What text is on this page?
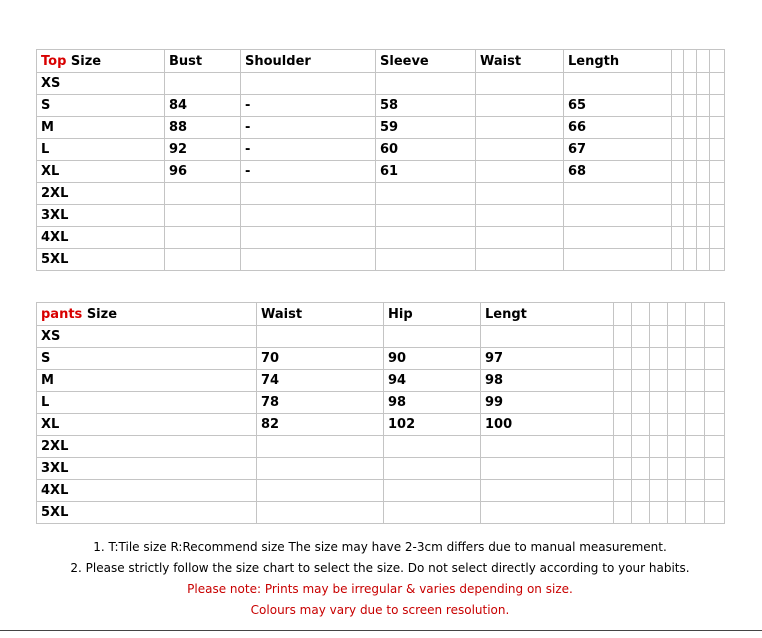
Top Size	Bust	Shoulder	Sleeve	Waist	Length				
XS									
S	84	-	58		65				
M	88	-	59		66				
L	92	-	60		67				
XL	96	-	61		68				
2XL									
3XL									
4XL									
5XL									
pants Size	Waist	Hip	Lengt						
XS									
S	70	90	97						
M	74	94	98						
L	78	98	99						
XL	82	102	100						
2XL									
3XL									
4XL									
5XL									
1. T:Tile size R:Recommend size The size may have 2-3cm differs due to manual measurement.
2. Please strictly follow the size chart to select the size. Do not select directly according to your habits.
Please note: Prints may be irregular & varies depending on size.
Colours may vary due to screen resolution.
